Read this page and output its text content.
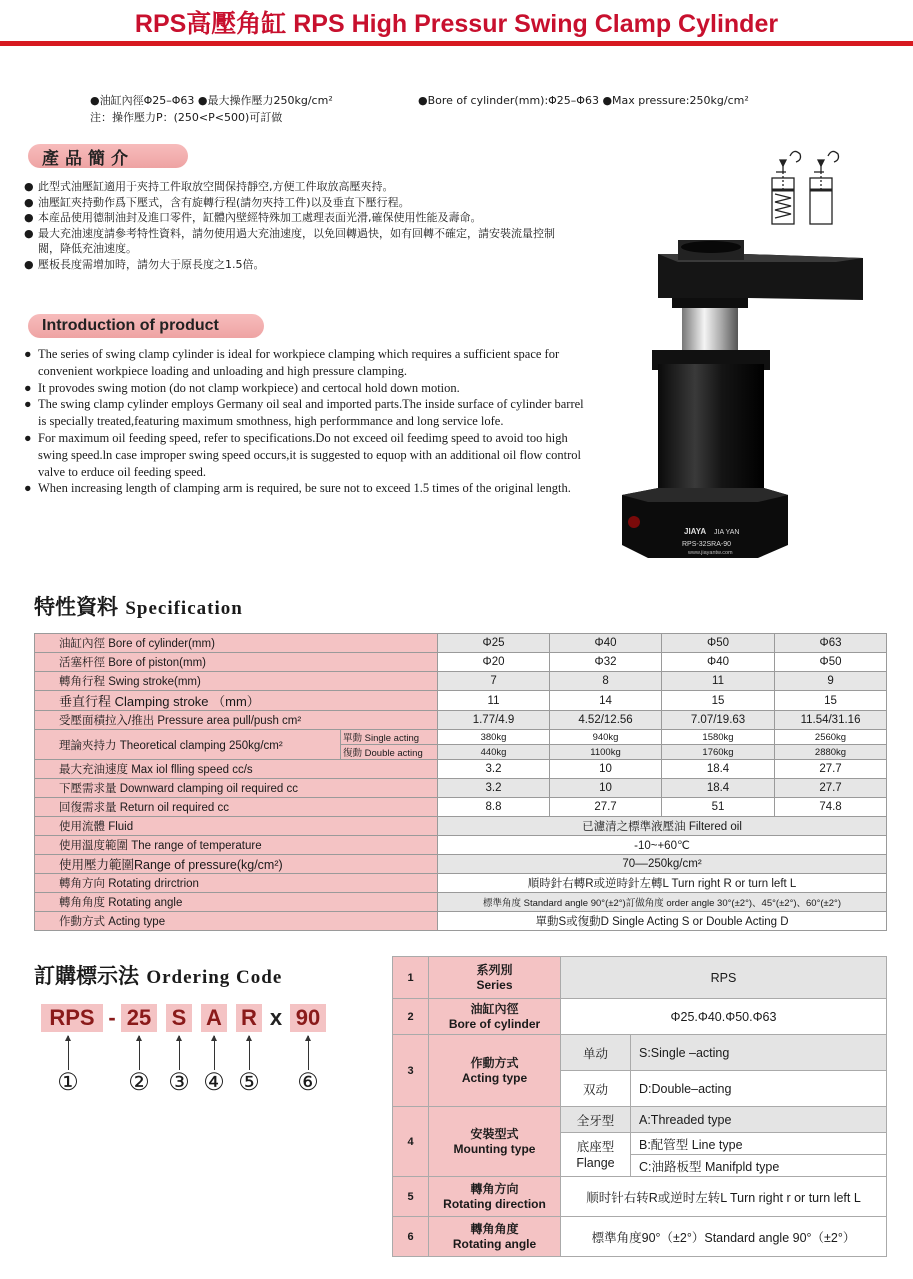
RPS高壓角缸 RPS High Pressur Swing Clamp Cylinder
●油缸內徑Φ25–Φ63 ●最大操作壓力250kg/cm²
注：操作壓力P：(250<P<500)可訂做
●Bore of cylinder(mm):Φ25–Φ63 ●Max pressure:250kg/cm²
產品簡介
● 此型式油壓缸適用于夾持工件取放空間保持靜空,方便工件取放高壓夾持。
● 油壓缸夾持動作爲下壓式，含有旋轉行程(請勿夾持工件)以及垂直下壓行程。
● 本産品使用德制油封及進口零件，缸體內壁經特殊加工處理表面光滑,確保使用性能及壽命。
● 最大充油速度請參考特性資料，請勿使用過大充油速度，以免回轉過快，如有回轉不確定，請安裝流量控制閥，降低充油速度。
● 壓板長度需增加時，請勿大于原長度之1.5倍。
Introduction of product
● The series of swing clamp cylinder is ideal for workpiece clamping which requires a sufficient space for convenient workpiece loading and unloading and high pressure clamping.
● It provodes swing motion (do not clamp workpiece) and certocal hold down motion.
● The swing clamp cylinder employs Germany oil seal and imported parts.The inside surface of cylinder barrel is specially treated,featuring maximum smothness, high performmance and long service lofe.
● For maximum oil feeding speed, refer to specifications.Do not exceed oil feedimg speed to avoid too high swing speed.ln case improper swing speed occurs,it is suggested to equop with an additional oil flow control valve to erduce oil feeding speed.
● When increasing length of clamping arm is required, be sure not to exceed 1.5 times of the original length.
JIAYA JIA YAN
RPS-32SRA-90
www.jiayantw.com
特性資料 Specification
油缸內徑 Bore of cylinder(mm)		Φ25	Φ40	Φ50	Φ63
活塞杆徑 Bore of piston(mm)		Φ20	Φ32	Φ40	Φ50
轉角行程 Swing stroke(mm)		7	8	11	9
垂直行程 Clamping stroke （mm）		11	14	15	15
受壓面積拉入/推出 Pressure area pull/push cm²		1.77/4.9	4.52/12.56	7.07/19.63	11.54/31.16
理論夾持力 Theoretical clamping 250kg/cm²	單動 Single acting	380kg	940kg	1580kg	2560kg
	復動 Double acting	440kg	1100kg	1760kg	2880kg
最大充油速度 Max iol flling speed cc/s		3.2	10	18.4	27.7
下壓需求量 Downward clamping oil required cc		3.2	10	18.4	27.7
回復需求量 Return oil required cc		8.8	27.7	51	74.8
使用流體 Fluid		已濾清之標準液壓油 Filtered oil			
使用溫度範圍 The range of temperature		-10~+60℃			
使用壓力範圍Range of pressure(kg/cm²)		70––250kg/cm²			
轉角方向 Rotating drirctrion		順時針右轉R或逆時針左轉L Turn right R or turn left L			
轉角角度 Rotating angle		標準角度 Standard angle 90°(±2°)訂做角度 order angle 30°(±2°)、45°(±2°)、60°(±2°)			
作動方式 Acting type		單動S或復動D Single Acting S or Double Acting D			
訂購標示法 Ordering Code
RPS - 25 S A R x 90
① ② ③ ④ ⑤ ⑥
1	系列別
Series	RPS	
2	油缸內徑
Bore of cylinder	Φ25.Φ40.Φ50.Φ63	
3	作動方式
Acting type	单动	S:Single –acting
		双动	D:Double–acting
4	安裝型式
Mounting type	全牙型	A:Threaded type

		底座型
Flange	B:配管型 Line type
			C:油路板型 Manifpld type
5	轉角方向
Rotating direction	顺时针右转R或逆时左转L Turn right r or turn left L	
6	轉角角度
Rotating angle	標準角度90°（±2°）Standard angle 90°（±2°）	
